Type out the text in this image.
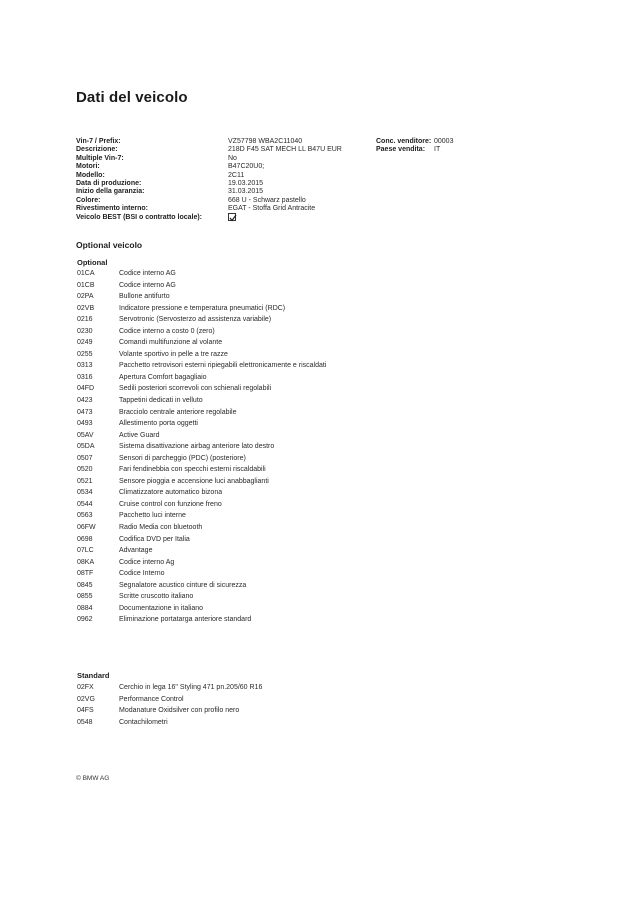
Dati del veicolo
Vin-7 / Prefix:	VZ57798 WBA2C11040	Conc. venditore: 00003
Descrizione:	218D F45 SAT MECH LL B47U EUR	Paese vendita: IT
Multiple Vin-7:	No
Motori:	B47C20U0;
Modello:	2C11
Data di produzione:	19.03.2015
Inizio della garanzia:	31.03.2015
Colore:	668 U - Schwarz pastello
Rivestimento interno:	EGAT - Stoffa Grid Antracite
Veicolo BEST (BSI o contratto locale):
Optional veicolo
Optional
01CA	Codice interno AG
01CB	Codice interno AG
02PA	Bullone antifurto
02VB	Indicatore pressione e temperatura pneumatici (RDC)
0216	Servotronic (Servosterzo ad assistenza variabile)
0230	Codice interno a costo 0 (zero)
0249	Comandi multifunzione al volante
0255	Volante sportivo in pelle a tre razze
0313	Pacchetto retrovisori esterni ripiegabili elettronicamente e riscaldati
0316	Apertura Comfort bagagliaio
04FD	Sedili posteriori scorrevoli con schienali regolabili
0423	Tappetini dedicati in velluto
0473	Bracciolo centrale anteriore regolabile
0493	Allestimento porta oggetti
05AV	Active Guard
05DA	Sistema disattivazione airbag anteriore lato destro
0507	Sensori di parcheggio (PDC) (posteriore)
0520	Fari fendinebbia con specchi esterni riscaldabili
0521	Sensore pioggia e accensione luci anabbaglianti
0534	Climatizzatore automatico bizona
0544	Cruise control con funzione freno
0563	Pacchetto luci interne
06FW	Radio Media con bluetooth
0698	Codifica DVD per Italia
07LC	Advantage
08KA	Codice interno Ag
08TF	Codice Interno
0845	Segnalatore acustico cinture di sicurezza
0855	Scritte cruscotto italiano
0884	Documentazione in italiano
0962	Eliminazione portatarga anteriore standard
Standard
02FX	Cerchio in lega 16" Styling 471 pn.205/60 R16
02VG	Performance Control
04FS	Modanature Oxidsilver con profilo nero
0548	Contachilometri
© BMW AG
